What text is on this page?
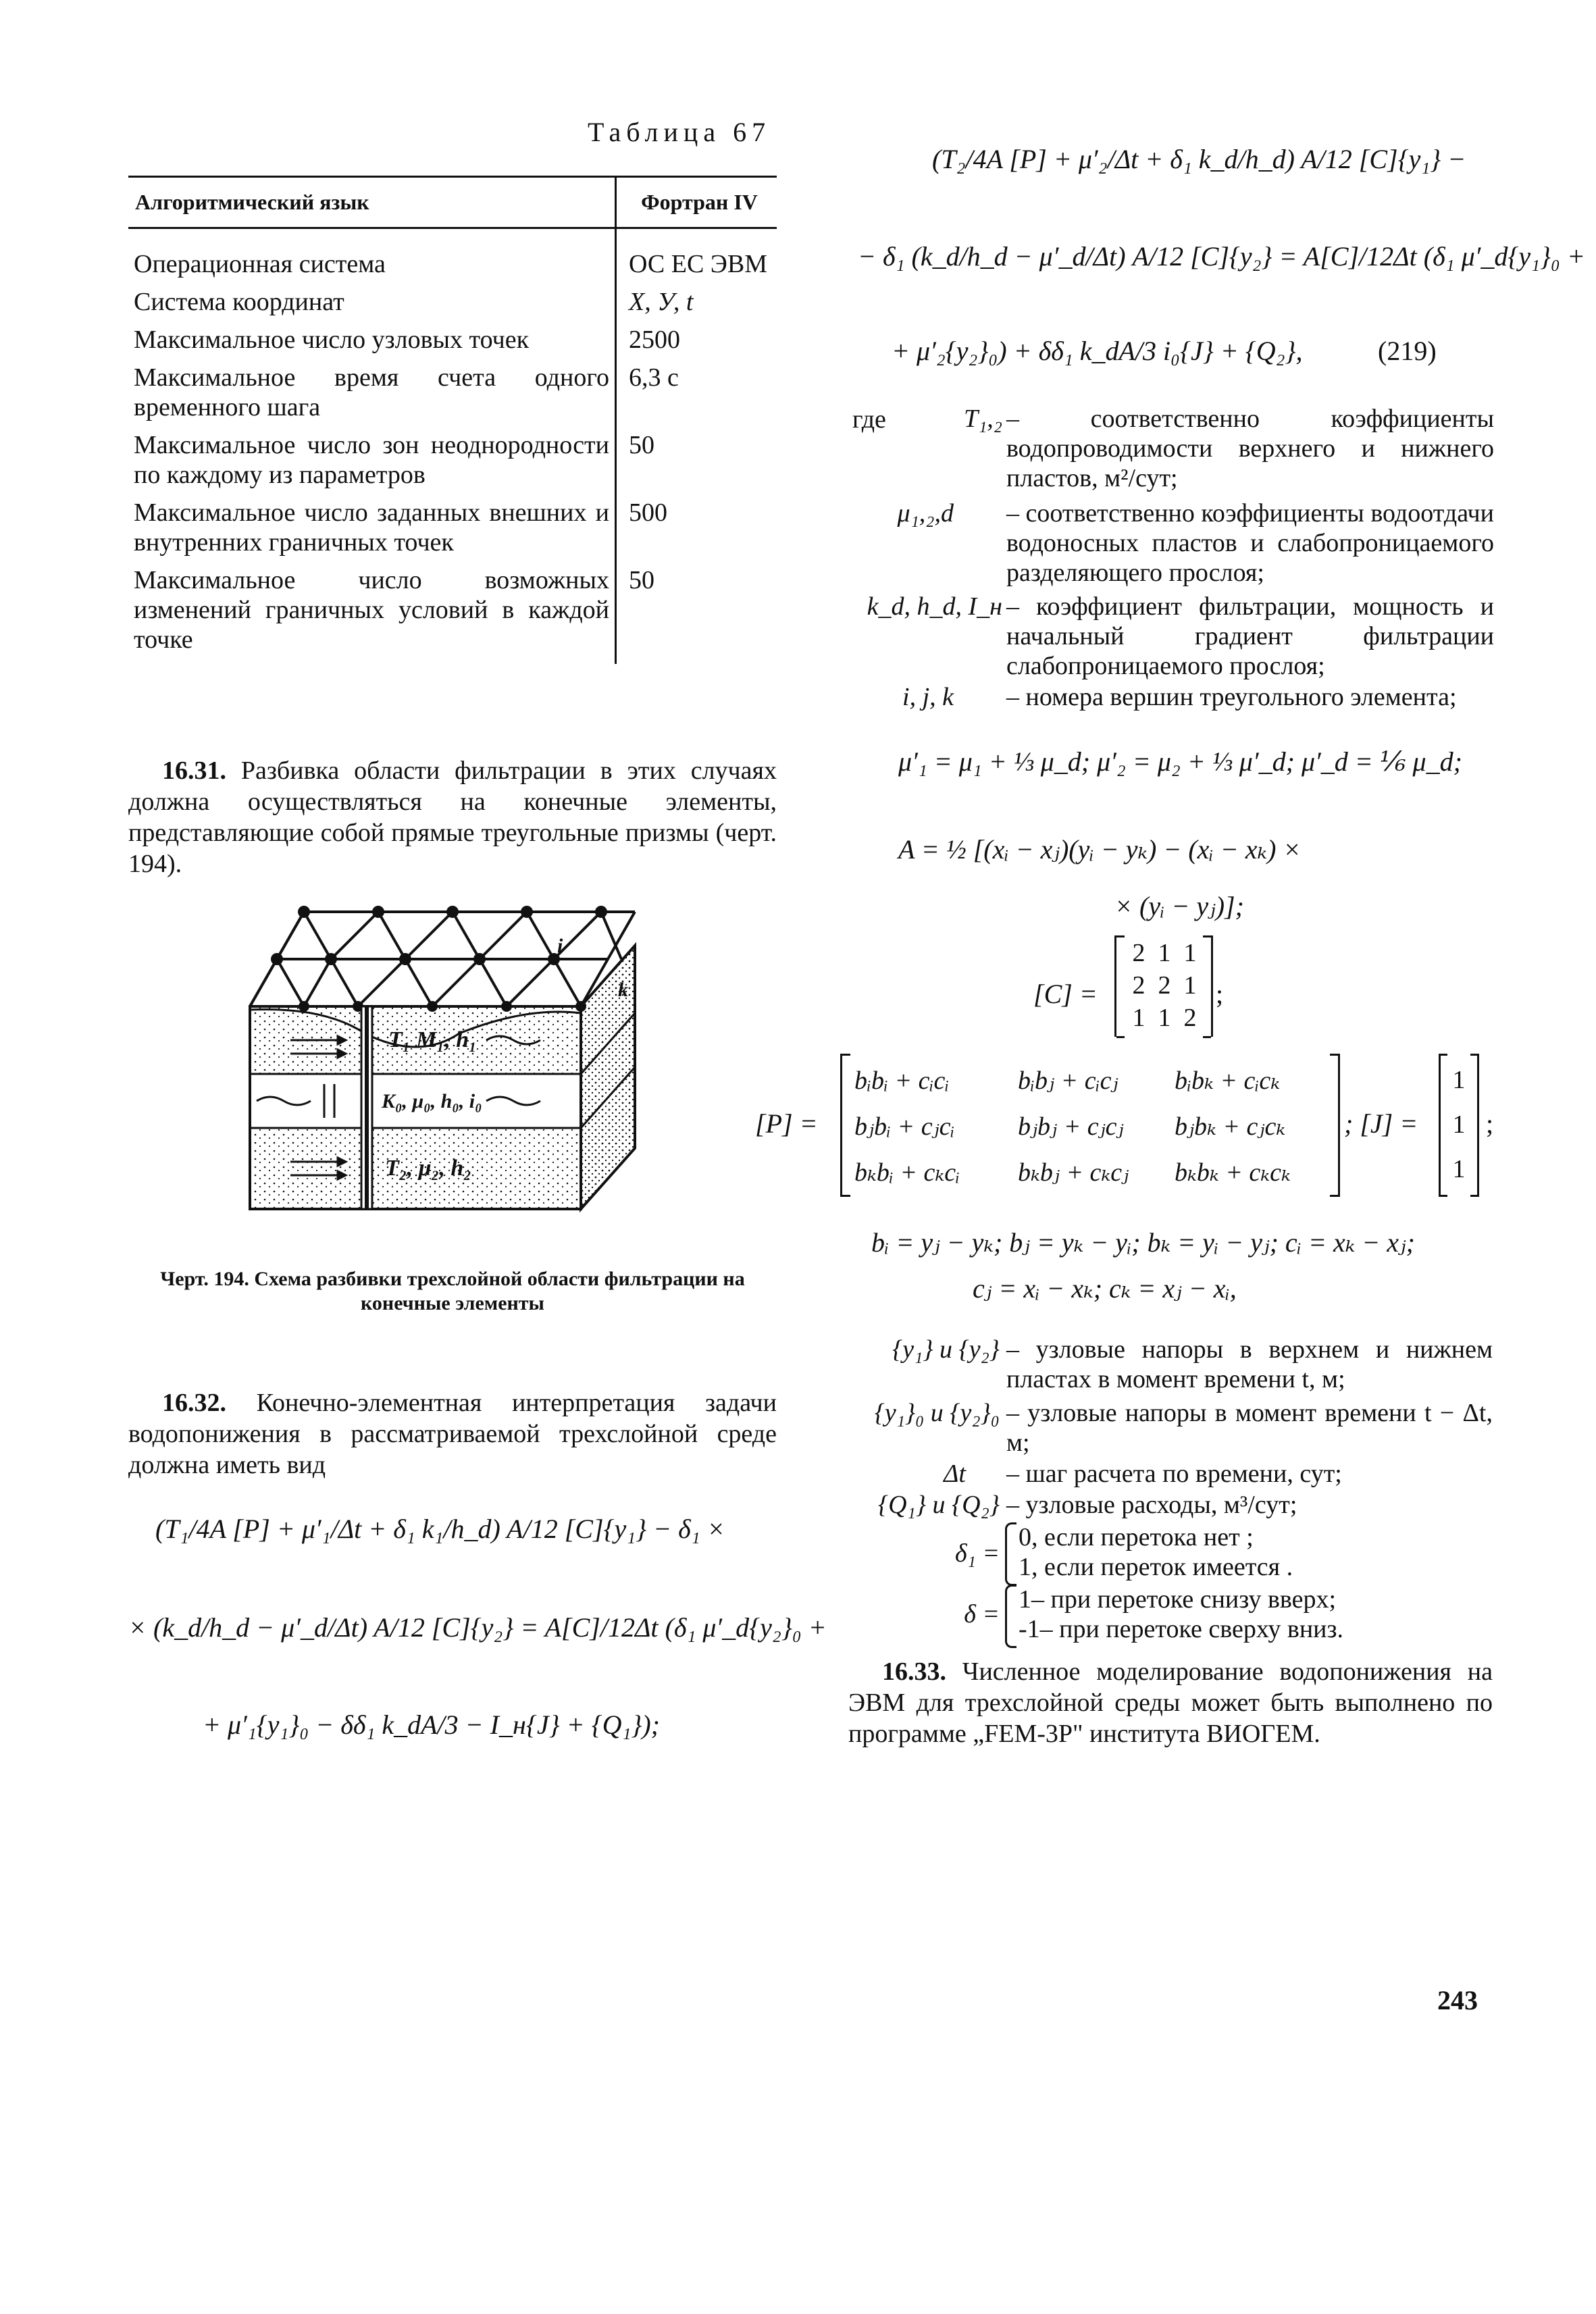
Таблица 67
Алгоритмический язык	Фортран IV
Операционная система	ОС ЕС ЭВМ
Система координат	X, У, t
Максимальное число узловых точек	2500
Максимальное время счета одного временного шага	6,3 с
Максимальное число зон неоднородности по каждому из параметров	50
Максимальное число заданных внешних и внутренних граничных точек	500
Максимальное число возможных изменений граничных условий в каждой точке	50
16.31. Разбивка области фильтрации в этих случаях должна осуществляться на конечные элементы, представляющие собой прямые треугольные призмы (черт. 194).
T₁ M₁, h₁
K₀, μ₀, h₀, i₀
T₂, μ₂, h₂
i
k
Черт. 194. Схема разбивки трехслойной области фильтрации на конечные элементы
16.32. Конечно-элементная интерпретация задачи водопонижения в рассматриваемой трехслойной среде должна иметь вид
(T₁/4A [P] + μ′₁/Δt + δ₁ k₁/h_d) A/12 [C]{y₁} − δ₁ ×
× (k_d/h_d − μ′_d/Δt) A/12 [C]{y₂} = A[C]/12Δt (δ₁ μ′_d{y₂}₀ +
+ μ′₁{y₁}₀ − δδ₁ k_dA/3 − I_н{J} + {Q₁});
(T₂/4A [P] + μ′₂/Δt + δ₁ k_d/h_d) A/12 [C]{y₁} −
− δ₁ (k_d/h_d − μ′_d/Δt) A/12 [C]{y₂} = A[C]/12Δt (δ₁ μ′_d{y₁}₀ +
+ μ′₂{y₂}₀) + δδ₁ k_dA/3 i₀{J} + {Q₂},	(219)
где	T₁,₂ – соответственно коэффициенты водопроводимости верхнего и нижнего пластов, м²/сут;
μ₁,₂,d – соответственно коэффициенты водоотдачи водоносных пластов и слабопроницаемого разделяющего прослоя;
k_d, h_d, I_н – коэффициент фильтрации, мощность и начальный градиент фильтрации слабопроницаемого прослоя;
i, j, k – номера вершин треугольного элемента;
μ′₁ = μ₁ + ⅓ μ_d; μ′₂ = μ₂ + ⅓ μ′_d; μ′_d = ⅙ μ_d;
A = ½ [(xᵢ − xⱼ)(yᵢ − yₖ) − (xᵢ − xₖ) ×
× (yᵢ − yⱼ)];
[C] =
2	1	1
2	2	1
1	1	2
;
[P] =
bᵢbᵢ + cᵢcᵢ	bᵢbⱼ + cᵢcⱼ	bᵢbₖ + cᵢcₖ
bⱼbᵢ + cⱼcᵢ	bⱼbⱼ + cⱼcⱼ	bⱼbₖ + cⱼcₖ
bₖbᵢ + cₖcᵢ	bₖbⱼ + cₖcⱼ	bₖbₖ + cₖcₖ
; [J] =
1
1
1
;
bᵢ = yⱼ − yₖ; bⱼ = yₖ − yᵢ; bₖ = yᵢ − yⱼ; cᵢ = xₖ − xⱼ;
cⱼ = xᵢ − xₖ; cₖ = xⱼ − xᵢ,
{y₁} и {y₂} – узловые напоры в верхнем и нижнем пластах в момент времени t, м;
{y₁}₀ и {y₂}₀ – узловые напоры в момент времени t − Δt, м;
Δt – шаг расчета по времени, сут;
{Q₁} и {Q₂} – узловые расходы, м³/сут;
δ₁ =
0, если перетока нет ;
1, если переток имеется .
δ =
1– при перетоке снизу вверх;
-1– при перетоке сверху вниз.
16.33. Численное моделирование водопонижения на ЭВМ для трехслойной среды может быть выполнено по программе „FEM-3P" института ВИОГЕМ.
243
